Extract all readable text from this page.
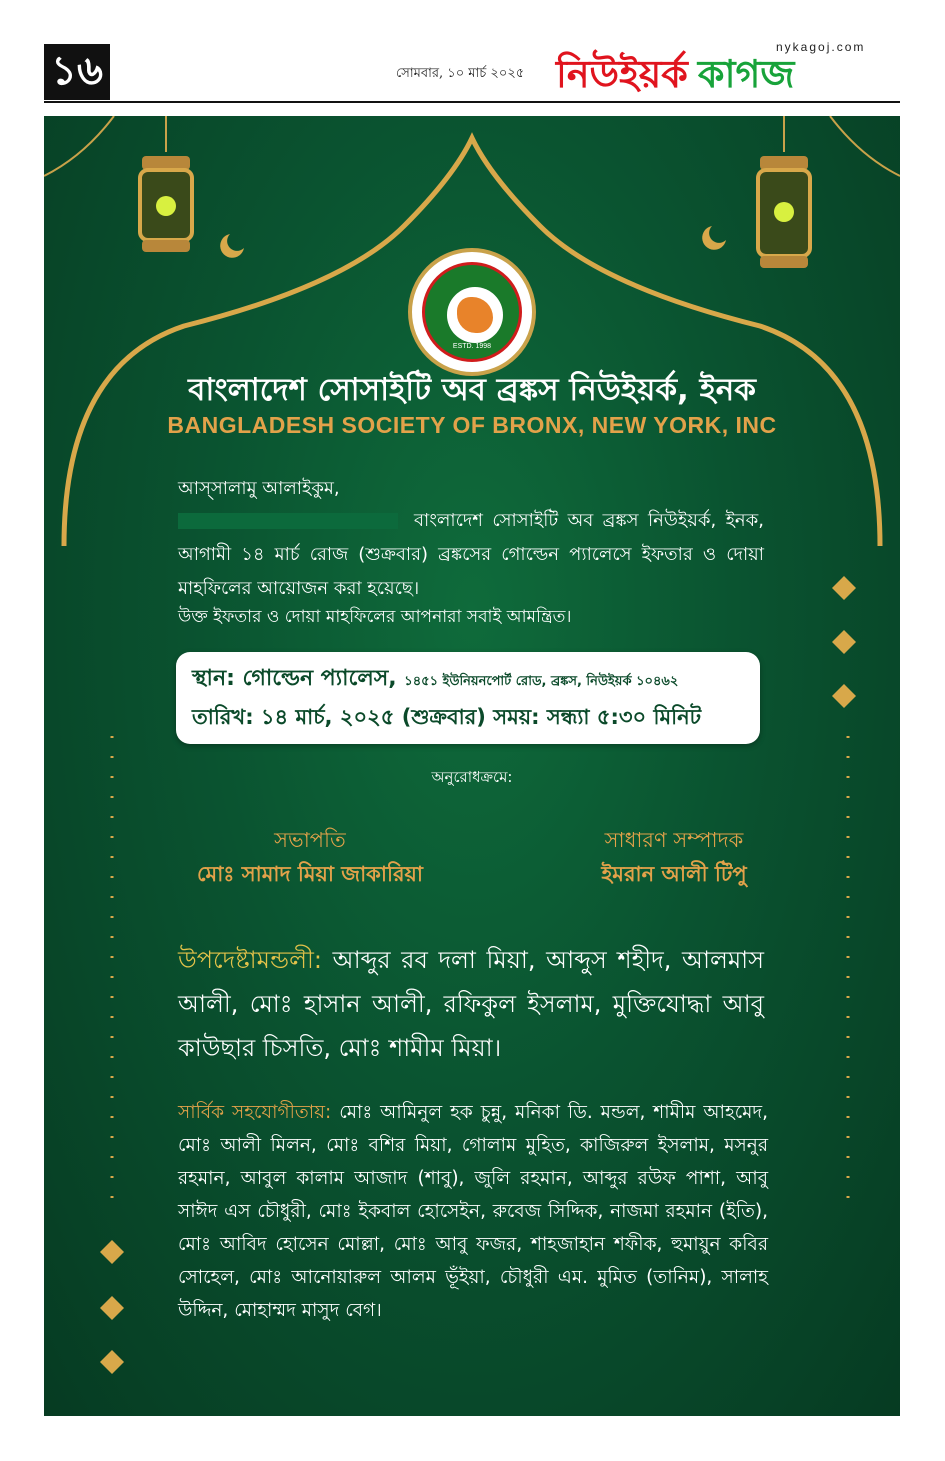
১৬	সোমবার, ১০ মার্চ ২০২৫
nykagoj.com
নিউইয়র্ক কাগজ
ESTD. 1998
বাংলাদেশ সোসাইটি অব ব্রঙ্কস নিউইয়র্ক, ইনক
BANGLADESH SOCIETY OF BRONX, NEW YORK, INC
আস্‌সালামু আলাইকুম,
বাংলাদেশ সোসাইটি অব ব্রঙ্কস নিউইয়র্ক, ইনক, আগামী ১৪ মার্চ রোজ (শুক্রবার) ব্রঙ্কসের গোল্ডেন প্যালেসে ইফতার ও দোয়া মাহফিলের আয়োজন করা হয়েছে।
উক্ত ইফতার ও দোয়া মাহফিলের আপনারা সবাই আমন্ত্রিত।
স্থান: গোল্ডেন প্যালেস, ১৪৫১ ইউনিয়নপোর্ট রোড, ব্রঙ্কস, নিউইয়র্ক ১০৪৬২
তারিখ: ১৪ মার্চ, ২০২৫ (শুক্রবার) সময়: সন্ধ্যা ৫:৩০ মিনিট
অনুরোধক্রমে:
সভাপতি
মোঃ সামাদ মিয়া জাকারিয়া
সাধারণ সম্পাদক
ইমরান আলী টিপু
উপদেষ্টামন্ডলী: আব্দুর রব দলা মিয়া, আব্দুস শহীদ, আলমাস আলী, মোঃ হাসান আলী, রফিকুল ইসলাম, মুক্তিযোদ্ধা আবু কাউছার চিসতি, মোঃ শামীম মিয়া।
সার্বিক সহযোগীতায়: মোঃ আমিনুল হক চুন্নু, মনিকা ডি. মন্ডল, শামীম আহমেদ, মোঃ আলী মিলন, মোঃ বশির মিয়া, গোলাম মুহিত, কাজিরুল ইসলাম, মসনুর রহমান, আবুল কালাম আজাদ (শাবু), জুলি রহমান, আব্দুর রউফ পাশা, আবু সাঈদ এস চৌধুরী, মোঃ ইকবাল হোসেইন, রুবেজ সিদ্দিক, নাজমা রহমান (ইতি), মোঃ আবিদ হোসেন মোল্লা, মোঃ আবু ফজর, শাহজাহান শফীক, হুমায়ুন কবির সোহেল, মোঃ আনোয়ারুল আলম ভূঁইয়া, চৌধুরী এম. মুমিত (তানিম), সালাহ উদ্দিন, মোহাম্মদ মাসুদ বেগ।
